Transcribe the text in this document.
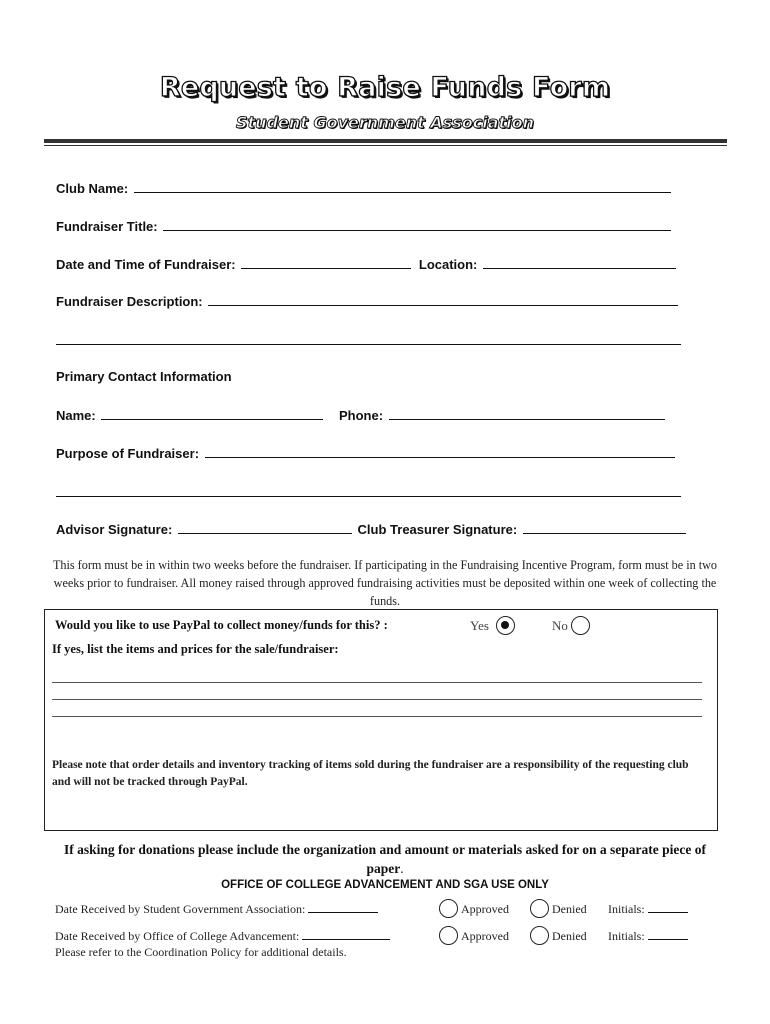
Request to Raise Funds Form
Student Government Association
Club Name:
Fundraiser Title:
Date and Time of Fundraiser:	Location:
Fundraiser Description:
Primary Contact Information
Name:	Phone:
Purpose of Fundraiser:
Advisor Signature:	Club Treasurer Signature:
This form must be in within two weeks before the fundraiser. If participating in the Fundraising Incentive Program, form must be in two weeks prior to fundraiser. All money raised through approved fundraising activities must be deposited within one week of collecting the funds.
Would you like to use PayPal to collect money/funds for this? :	Yes	No
If yes, list the items and prices for the sale/fundraiser:
Please note that order details and inventory tracking of items sold during the fundraiser are a responsibility of the requesting club and will not be tracked through PayPal.
If asking for donations please include the organization and amount or materials asked for on a separate piece of paper.
OFFICE OF COLLEGE ADVANCEMENT AND SGA USE ONLY
Date Received by Student Government Association:	Approved	Denied Initials:
Date Received by Office of College Advancement:	Approved	Denied Initials:
Please refer to the Coordination Policy for additional details.
